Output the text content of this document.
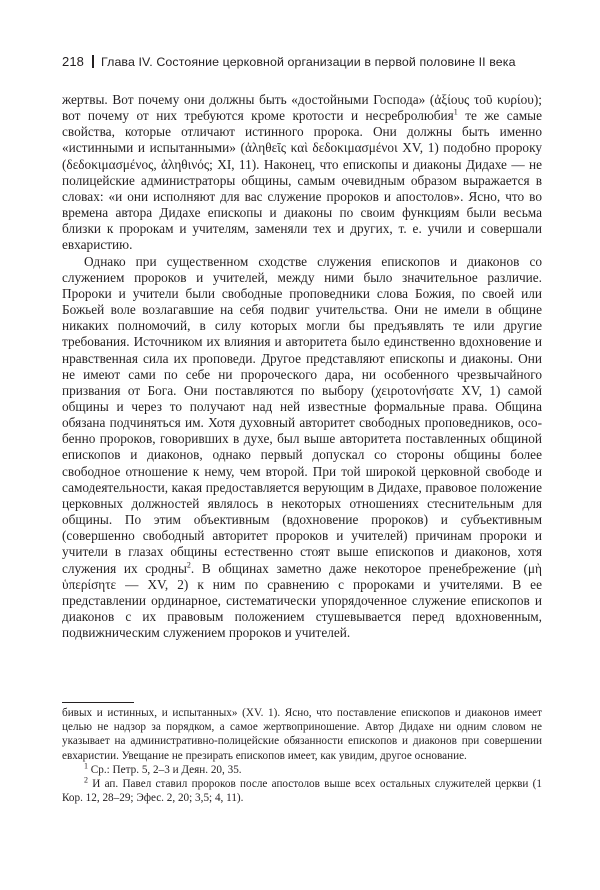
218 Глава IV. Состояние церковной организации в первой половине II века

жертвы. Вот почему они должны быть «достойными Господа» (ἀξίους τοῦ κυρίου); вот почему от них требуются кроме кротости и несребролюбия$^1$ те же самые свойства, которые отличают истинного пророка. Они должны быть именно «истинными и испытанными» (ἀληθεῖς καὶ δεδοκιμασμένοι XV, 1) подобно пророку (δεδοκιμασμένος, ἀληθινός; XI, 11). Наконец, что епископы и диаконы Дидахе — не полицейские администраторы общины, самым очевидным образом выражается в словах: «и они исполняют для вас служение пророков и апостолов». Ясно, что во времена автора Дидахе епископы и диаконы по своим функциям были весьма близки к пророкам и учителям, заменяли тех и других, т. е. учили и совершали евхаристию.

Однако при существенном сходстве служения епископов и диаконов со служением пророков и учителей, между ними было значительное различие. Пророки и учители были свободные проповедники слова Божия, по своей или Божьей воле возлагавшие на себя подвиг учительства. Они не имели в общине никаких полномочий, в силу которых могли бы предъявлять те или другие требования. Источником их влияния и авторитета было единственно вдохновение и нравственная сила их проповеди. Другое представляют епископы и диаконы. Они не имеют сами по себе ни пророческого дара, ни особенного чрезвычайного призвания от Бога. Они поставляются по выбору (χειροτονήσατε XV, 1) самой общины и через то получают над ней известные формальные права. Община обязана подчиняться им. Хотя духовный авторитет свободных проповедников, особенно пророков, говоривших в духе, был выше авторитета поставленных общиной епископов и диаконов, однако первый допускал со стороны общины более свободное отношение к нему, чем второй. При той широкой церковной свободе и самодеятельности, какая предоставляется верующим в Дидахе, правовое положение церковных должностей являлось в некоторых отношениях стеснительным для общины. По этим объективным (вдохновение пророков) и субъективным (совершенно свободный авторитет пророков и учителей) причинам пророки и учители в глазах общины естественно стоят выше епископов и диаконов, хотя служения их сродны$^2$. В общинах заметно даже некоторое пренебрежение (μὴ ὑπερίσητε — XV, 2) к ним по сравнению с пророками и учителями. В ее представлении ординарное, систематически упорядоченное служение епископов и диаконов с их правовым положением стушевывается перед вдохновенным, подвижническим служением пророков и учителей.

бивых и истинных, и испытанных» (XV. 1). Ясно, что поставление епископов и диаконов имеет целью не надзор за порядком, а самое жертвоприношение. Автор Дидахе ни одним словом не указывает на административно-полицейские обязанности епископов и диаконов при совершении евхаристии. Увещание не презирать епископов имеет, как увидим, другое основание.

$^1$ Ср.: Петр. 5, 2–3 и Деян. 20, 35.

$^2$ И ап. Павел ставил пророков после апостолов выше всех остальных служителей церкви (1 Кор. 12, 28–29; Эфес. 2, 20; 3,5; 4, 11).
